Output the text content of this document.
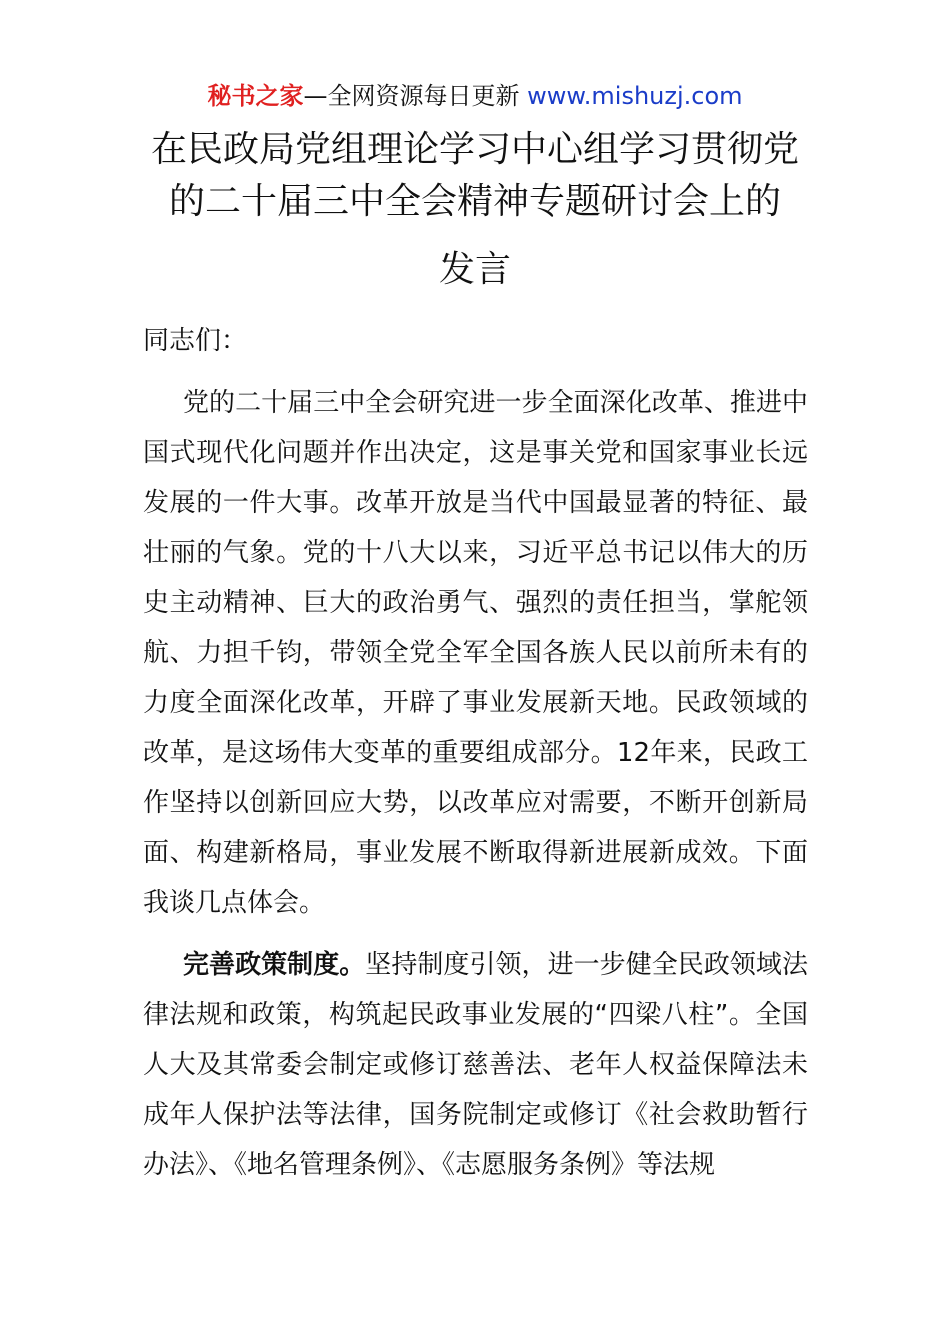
秘书之家—全网资源每日更新 www.mishuzj.com
在民政局党组理论学习中心组学习贯彻党
的二十届三中全会精神专题研讨会上的
发言

同志们：

党的二十届三中全会研究进一步全面深化改革、推进中国式现代化问题并作出决定，这是事关党和国家事业长远发展的一件大事。改革开放是当代中国最显著的特征、最壮丽的气象。党的十八大以来，习近平总书记以伟大的历史主动精神、巨大的政治勇气、强烈的责任担当，掌舵领航、力担千钧，带领全党全军全国各族人民以前所未有的力度全面深化改革，开辟了事业发展新天地。民政领域的改革，是这场伟大变革的重要组成部分。12年来，民政工作坚持以创新回应大势，以改革应对需要，不断开创新局面、构建新格局，事业发展不断取得新进展新成效。下面我谈几点体会。

完善政策制度。坚持制度引领，进一步健全民政领域法律法规和政策，构筑起民政事业发展的“四梁八柱”。全国人大及其常委会制定或修订慈善法、老年人权益保障法未成年人保护法等法律，国务院制定或修订《社会救助暂行办法》、《地名管理条例》、《志愿服务条例》等法规
